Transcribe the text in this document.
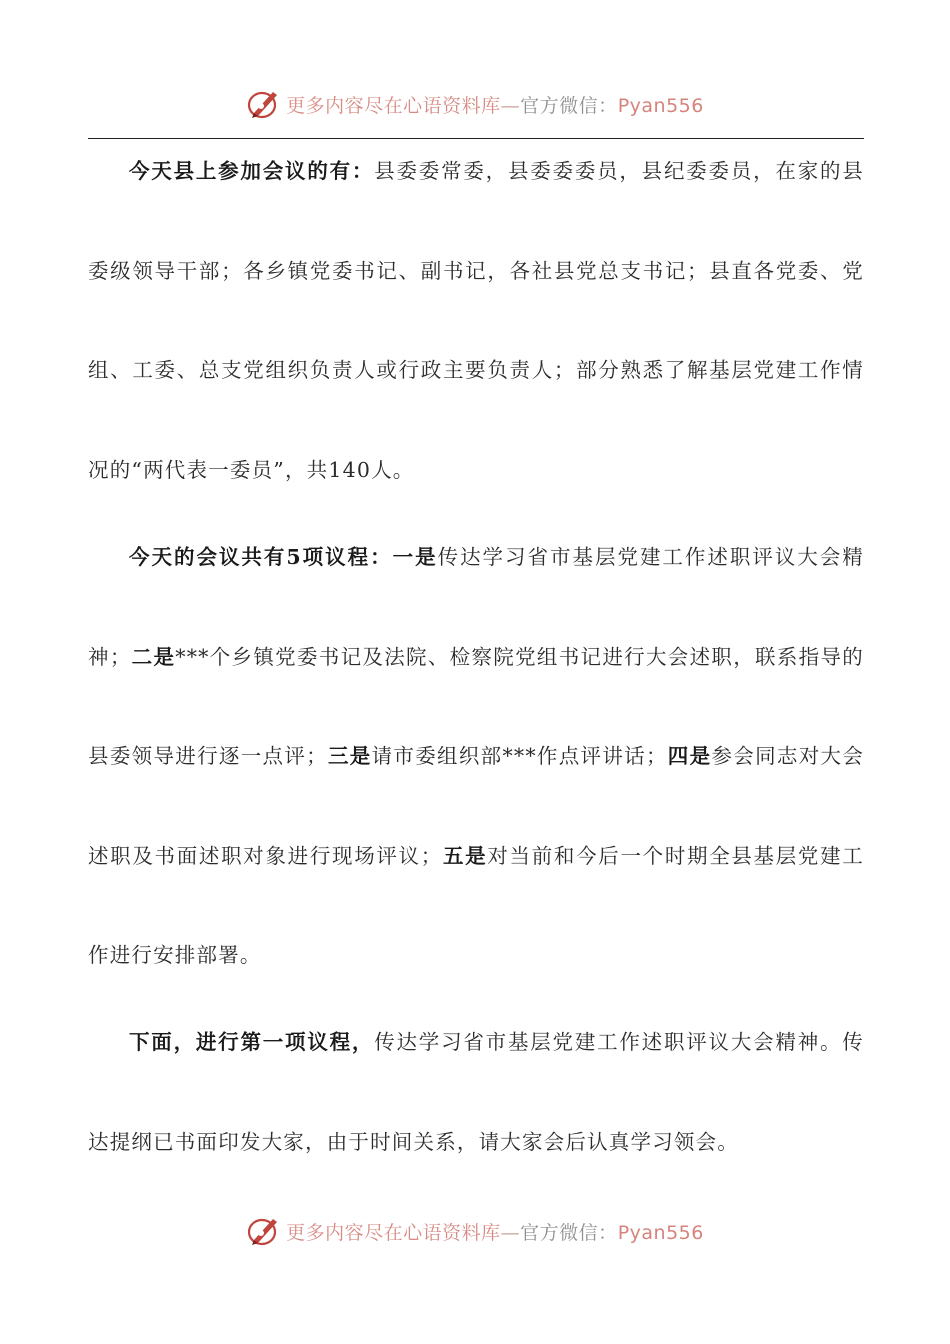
更多内容尽在心语资料库—官方微信：Pyan556

今天县上参加会议的有：县委委常委，县委委委员，县纪委委员，在家的县委级领导干部；各乡镇党委书记、副书记，各社县党总支书记；县直各党委、党组、工委、总支党组织负责人或行政主要负责人；部分熟悉了解基层党建工作情况的“两代表一委员”，共140人。

今天的会议共有5项议程：一是传达学习省市基层党建工作述职评议大会精神；二是***个乡镇党委书记及法院、检察院党组书记进行大会述职，联系指导的县委领导进行逐一点评；三是请市委组织部***作点评讲话；四是参会同志对大会述职及书面述职对象进行现场评议；五是对当前和今后一个时期全县基层党建工作进行安排部署。

下面，进行第一项议程，传达学习省市基层党建工作述职评议大会精神。传达提纲已书面印发大家，由于时间关系，请大家会后认真学习领会。

更多内容尽在心语资料库—官方微信：Pyan556
